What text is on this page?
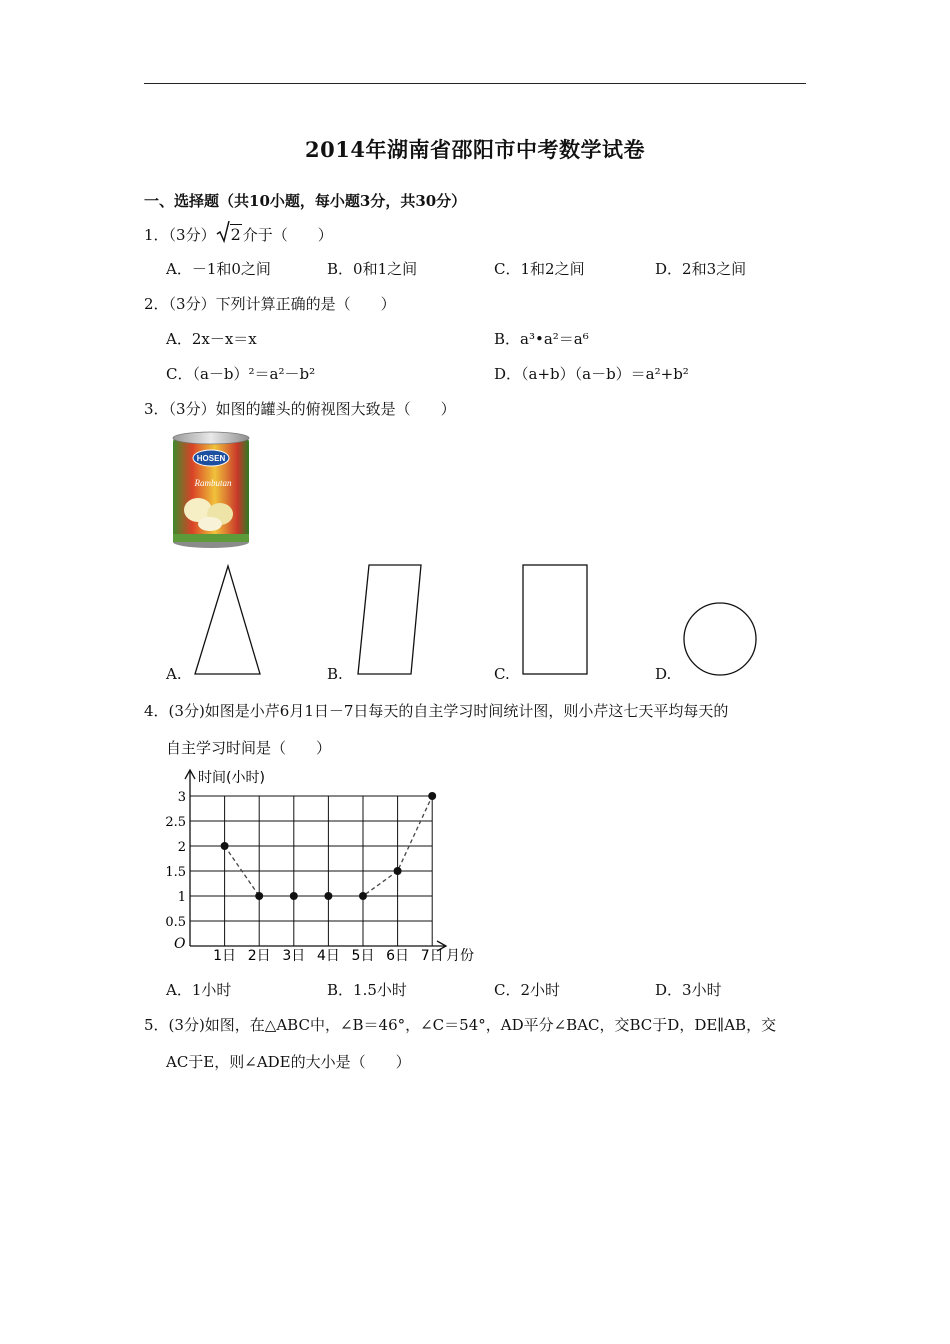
2014年湖南省邵阳市中考数学试卷
一、选择题（共10小题，每小题3分，共30分）
1．（3分） 2 介于（　　）
A．－1和0之间	B．0和1之间	C．1和2之间	D．2和3之间
2．（3分）下列计算正确的是（　　）
A．2x－x＝x	B．a³•a²＝a⁶
C．（a－b）²＝a²－b²	D．（a+b）（a－b）＝a²+b²
3．（3分）如图的罐头的俯视图大致是（　　）
HOSEN
Rambutan
A.	B.	C.	D.
4．(3分)如图是小芹6月1日－7日每天的自主学习时间统计图，则小芹这七天平均每天的
自主学习时间是（　　）
时间(小时)
月份
O
0.5
1
1.5
2
2.5
3
1日 2日 3日 4日 5日 6日 7日
A．1小时	B．1.5小时	C．2小时	D．3小时
5．(3分)如图，在△ABC中，∠B＝46°，∠C＝54°，AD平分∠BAC，交BC于D，DE∥AB，交
AC于E，则∠ADE的大小是（　　）
